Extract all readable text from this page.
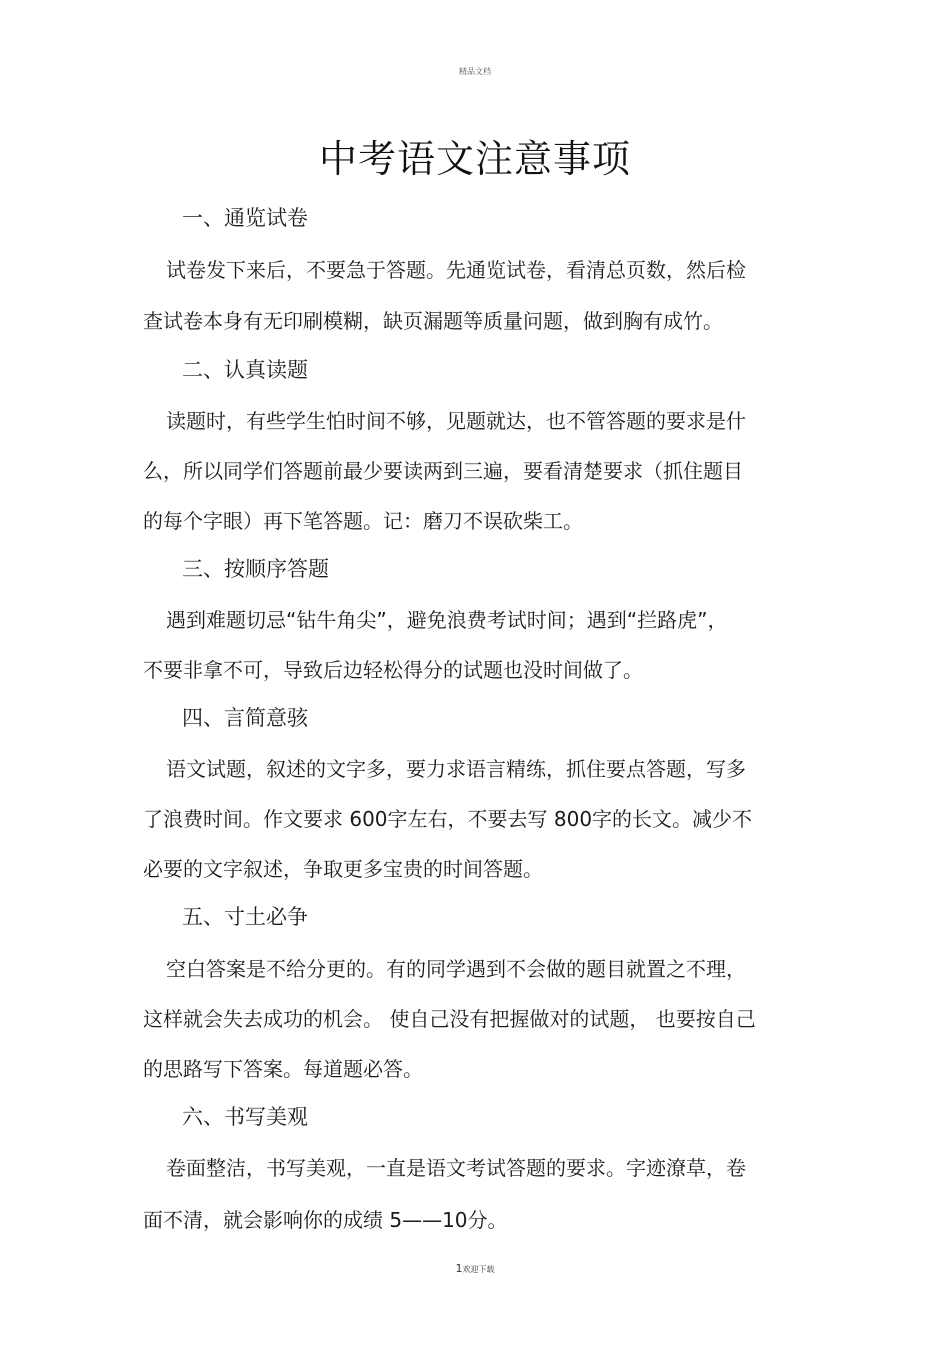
精品文档
中考语文注意事项
一、通览试卷
试卷发下来后，不要急于答题。先通览试卷，看清总页数，然后检
查试卷本身有无印刷模糊，缺页漏题等质量问题，做到胸有成竹。
二、认真读题
读题时，有些学生怕时间不够，见题就达，也不管答题的要求是什
么，所以同学们答题前最少要读两到三遍，要看清楚要求（抓住题目
的每个字眼）再下笔答题。记：磨刀不误砍柴工。
三、按顺序答题
遇到难题切忌“钻牛角尖”，避免浪费考试时间；遇到“拦路虎”，
不要非拿不可，导致后边轻松得分的试题也没时间做了。
四、言简意骇
语文试题，叙述的文字多，要力求语言精练，抓住要点答题，写多
了浪费时间。作文要求 600字左右，不要去写 800字的长文。减少不
必要的文字叙述，争取更多宝贵的时间答题。
五、寸土必争
空白答案是不给分更的。有的同学遇到不会做的题目就置之不理，
这样就会失去成功的机会。 使自己没有把握做对的试题， 也要按自己
的思路写下答案。每道题必答。
六、书写美观
卷面整洁，书写美观，一直是语文考试答题的要求。字迹潦草，卷
面不清，就会影响你的成绩 5——10分。
1欢迎下载
